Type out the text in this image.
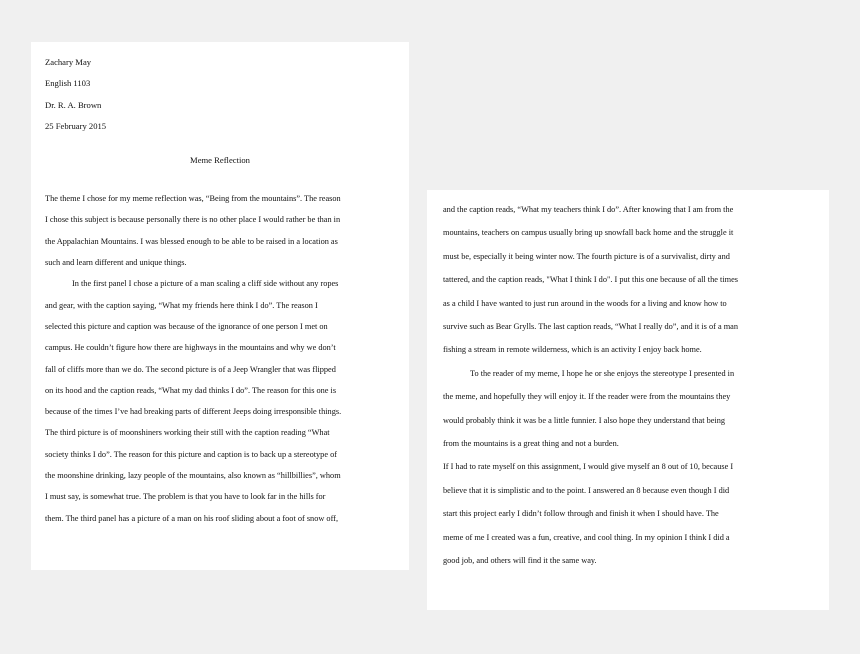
Zachary May

English 1103

Dr. R. A. Brown

25 February 2015

Meme Reflection

The theme I chose for my meme reflection was, “Being from the mountains”. The reason
I chose this subject is because personally there is no other place I would rather be than in
the Appalachian Mountains. I was blessed enough to be able to be raised in a location as
such and learn different and unique things.

In the first panel I chose a picture of a man scaling a cliff side without any ropes
and gear, with the caption saying, “What my friends here think I do”. The reason I
selected this picture and caption was because of the ignorance of one person I met on
campus. He couldn’t figure how there are highways in the mountains and why we don’t
fall of cliffs more than we do. The second picture is of a Jeep Wrangler that was flipped
on its hood and the caption reads, “What my dad thinks I do”. The reason for this one is
because of the times I’ve had breaking parts of different Jeeps doing irresponsible things.
The third picture is of moonshiners working their still with the caption reading “What
society thinks I do”. The reason for this picture and caption is to back up a stereotype of
the moonshine drinking, lazy people of the mountains, also known as “hillbillies”, whom
I must say, is somewhat true. The problem is that you have to look far in the hills for
them. The third panel has a picture of a man on his roof sliding about a foot of snow off,

and the caption reads, “What my teachers think I do”. After knowing that I am from the
mountains, teachers on campus usually bring up snowfall back home and the struggle it
must be, especially it being winter now. The fourth picture is of a survivalist, dirty and
tattered, and the caption reads, "What I think I do". I put this one because of all the times
as a child I have wanted to just run around in the woods for a living and know how to
survive such as Bear Grylls. The last caption reads, “What I really do”, and it is of a man
fishing a stream in remote wilderness, which is an activity I enjoy back home.

To the reader of my meme, I hope he or she enjoys the stereotype I presented in
the meme, and hopefully they will enjoy it. If the reader were from the mountains they
would probably think it was be a little funnier. I also hope they understand that being
from the mountains is a great thing and not a burden.

If I had to rate myself on this assignment, I would give myself an 8 out of 10, because I
believe that it is simplistic and to the point. I answered an 8 because even though I did
start this project early I didn’t follow through and finish it when I should have. The
meme of me I created was a fun, creative, and cool thing. In my opinion I think I did a
good job, and others will find it the same way.
